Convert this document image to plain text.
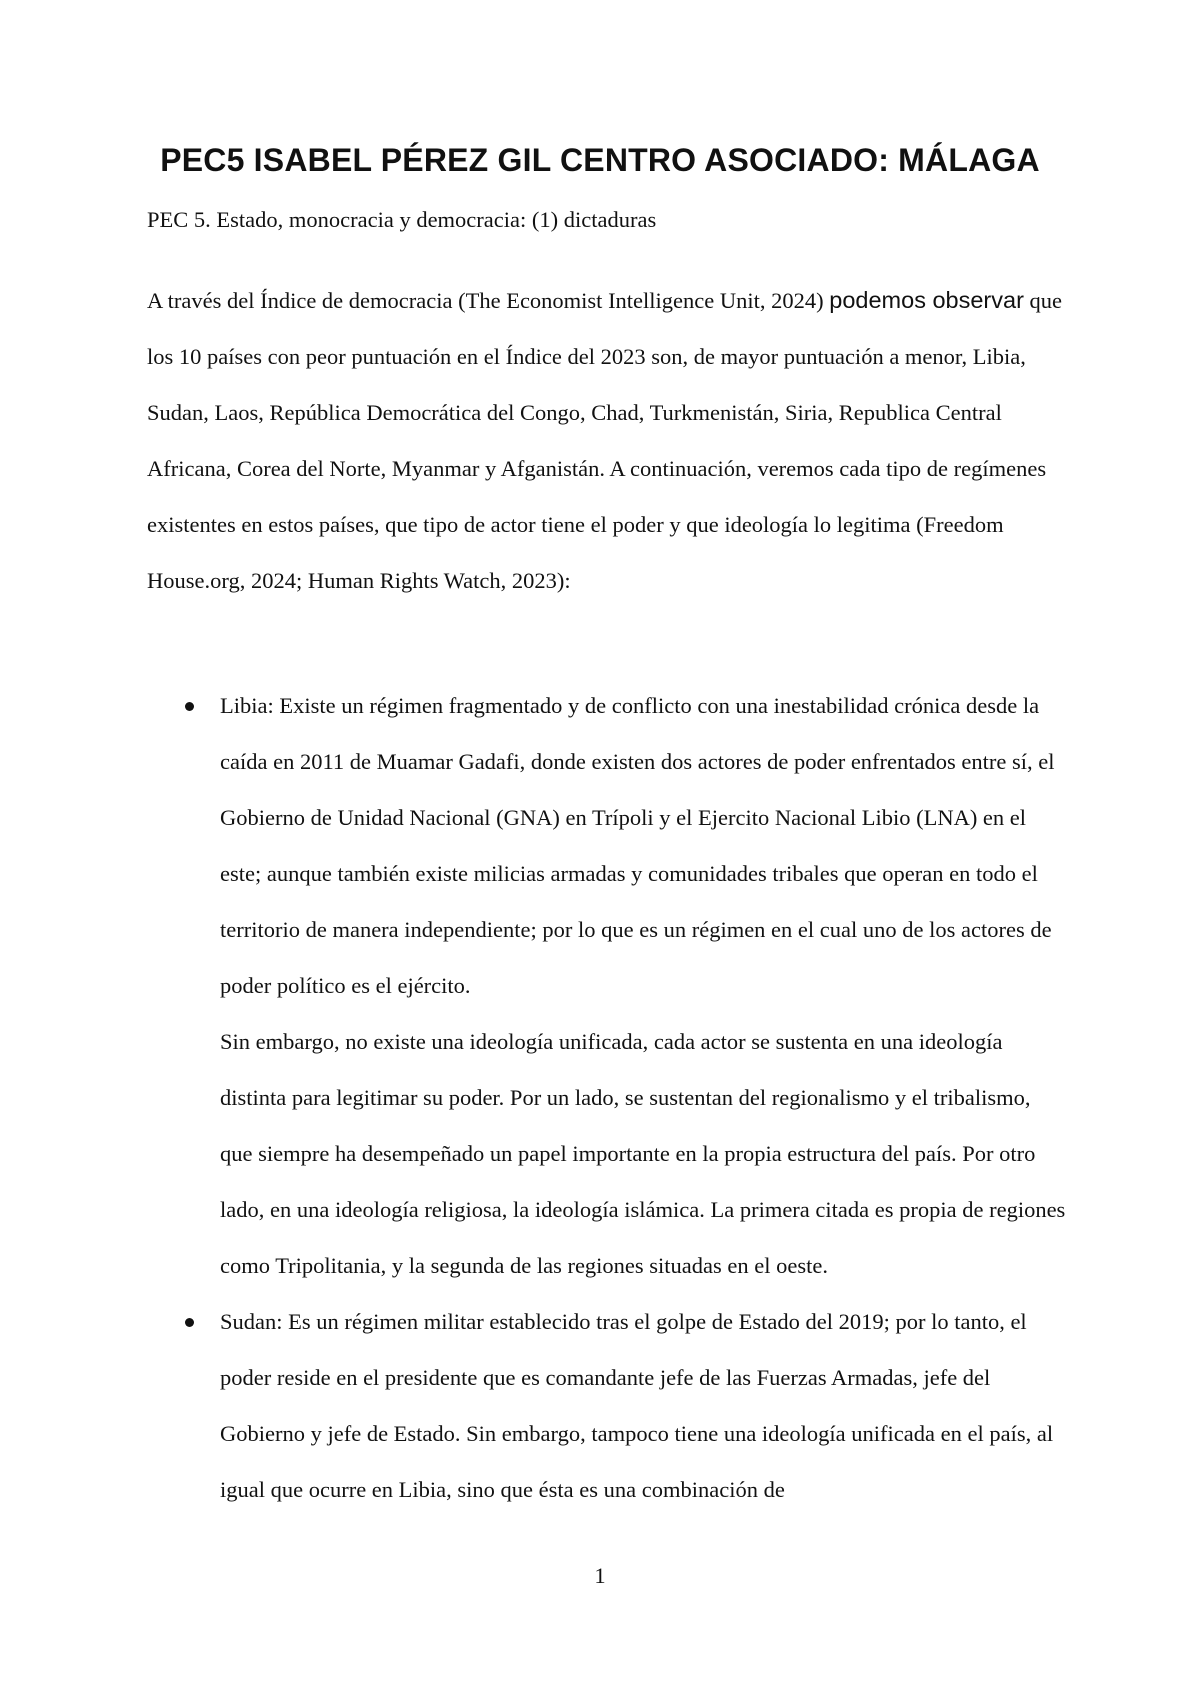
PEC5 ISABEL PÉREZ GIL CENTRO ASOCIADO: MÁLAGA

PEC 5. Estado, monocracia y democracia: (1) dictaduras

A través del Índice de democracia (The Economist Intelligence Unit, 2024) podemos observar que los 10 países con peor puntuación en el Índice del 2023 son, de mayor puntuación a menor, Libia, Sudan, Laos, República Democrática del Congo, Chad, Turkmenistán, Siria, Republica Central Africana, Corea del Norte, Myanmar y Afganistán. A continuación, veremos cada tipo de regímenes existentes en estos países, que tipo de actor tiene el poder y que ideología lo legitima (Freedom House.org, 2024; Human Rights Watch, 2023):

Libia: Existe un régimen fragmentado y de conflicto con una inestabilidad crónica desde la caída en 2011 de Muamar Gadafi, donde existen dos actores de poder enfrentados entre sí, el Gobierno de Unidad Nacional (GNA) en Trípoli y el Ejercito Nacional Libio (LNA) en el este; aunque también existe milicias armadas y comunidades tribales que operan en todo el territorio de manera independiente; por lo que es un régimen en el cual uno de los actores de poder político es el ejército.
Sin embargo, no existe una ideología unificada, cada actor se sustenta en una ideología distinta para legitimar su poder. Por un lado, se sustentan del regionalismo y el tribalismo, que siempre ha desempeñado un papel importante en la propia estructura del país. Por otro lado, en una ideología religiosa, la ideología islámica. La primera citada es propia de regiones como Tripolitania, y la segunda de las regiones situadas en el oeste.
Sudan: Es un régimen militar establecido tras el golpe de Estado del 2019; por lo tanto, el poder reside en el presidente que es comandante jefe de las Fuerzas Armadas, jefe del Gobierno y jefe de Estado. Sin embargo, tampoco tiene una ideología unificada en el país, al igual que ocurre en Libia, sino que ésta es una combinación de
1
